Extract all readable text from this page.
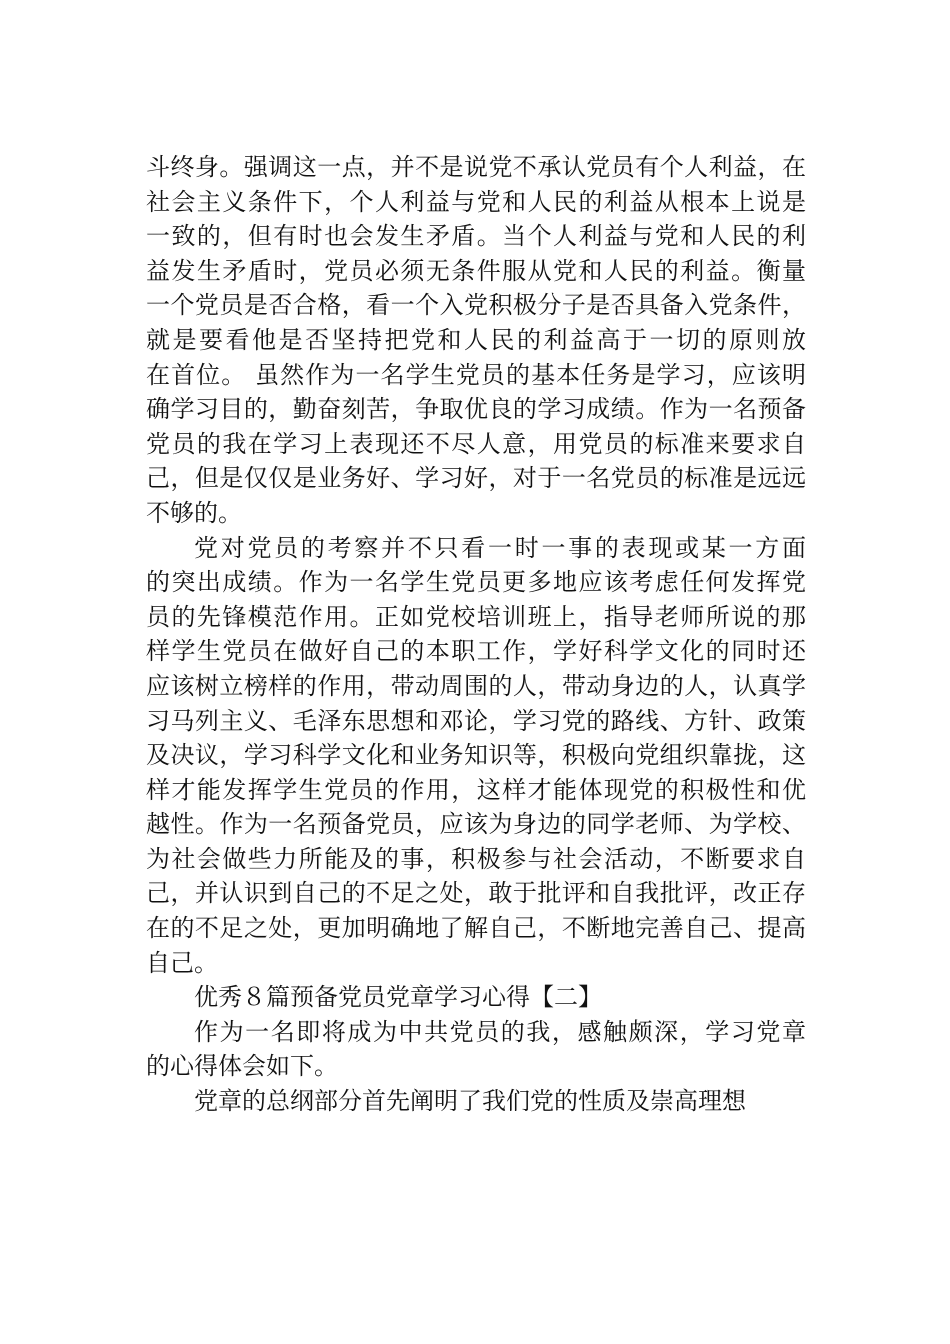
斗终身。强调这一点，并不是说党不承认党员有个人利益，在
社会主义条件下，个人利益与党和人民的利益从根本上说是
一致的，但有时也会发生矛盾。当个人利益与党和人民的利
益发生矛盾时，党员必须无条件服从党和人民的利益。衡量
一个党员是否合格，看一个入党积极分子是否具备入党条件，
就是要看他是否坚持把党和人民的利益高于一切的原则放
在首位。 虽然作为一名学生党员的基本任务是学习，应该明
确学习目的，勤奋刻苦，争取优良的学习成绩。作为一名预备
党员的我在学习上表现还不尽人意，用党员的标准来要求自
己，但是仅仅是业务好、学习好，对于一名党员的标准是远远
不够的。

党对党员的考察并不只看一时一事的表现或某一方面
的突出成绩。作为一名学生党员更多地应该考虑任何发挥党
员的先锋模范作用。正如党校培训班上，指导老师所说的那
样学生党员在做好自己的本职工作，学好科学文化的同时还
应该树立榜样的作用，带动周围的人，带动身边的人，认真学
习马列主义、毛泽东思想和邓论，学习党的路线、方针、政策
及决议，学习科学文化和业务知识等，积极向党组织靠拢，这
样才能发挥学生党员的作用，这样才能体现党的积极性和优
越性。作为一名预备党员，应该为身边的同学老师、为学校、
为社会做些力所能及的事，积极参与社会活动，不断要求自
己，并认识到自己的不足之处，敢于批评和自我批评，改正存
在的不足之处，更加明确地了解自己，不断地完善自己、提高
自己。

优秀８篇预备党员党章学习心得【二】

作为一名即将成为中共党员的我，感触颇深，学习党章
的心得体会如下。

党章的总纲部分首先阐明了我们党的性质及崇高理想
